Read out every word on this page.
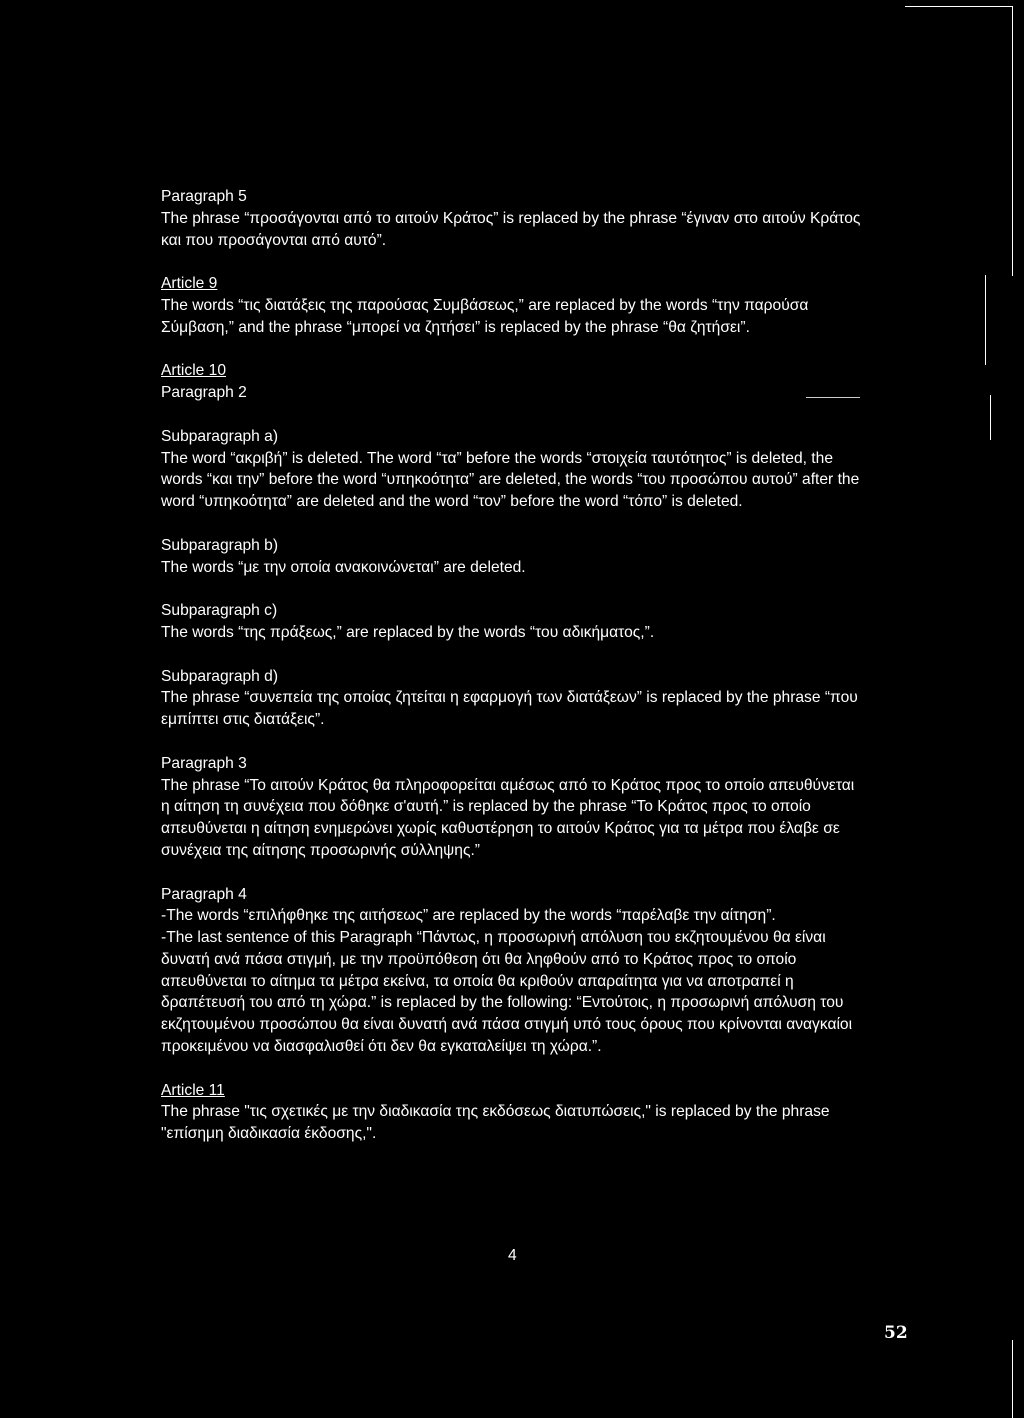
Paragraph 5

The phrase “προσάγονται από το αιτούν Κράτος” is replaced by the phrase “έγιναν στο αιτούν Κράτος και που προσάγονται από αυτό”.

Article 9

The words “τις διατάξεις της παρούσας Συμβάσεως,” are replaced by the words “την παρούσα Σύμβαση,” and the phrase “μπορεί να ζητήσει” is replaced by the phrase “θα ζητήσει”.

Article 10

Paragraph 2

Subparagraph a)

The word “ακριβή” is deleted. The word “τα” before the words “στοιχεία ταυτότητος” is deleted, the words “και την” before the word “υπηκοότητα” are deleted, the words “του προσώπου αυτού” after the word “υπηκοότητα” are deleted and the word “τον” before the word “τόπο” is deleted.

Subparagraph b)

The words “με την οποία ανακοινώνεται” are deleted.

Subparagraph c)

The words “της πράξεως,” are replaced by the words “του αδικήματος,”.

Subparagraph d)

The phrase “συνεπεία της οποίας ζητείται η εφαρμογή των διατάξεων” is replaced by the phrase “που εμπίπτει στις διατάξεις”.

Paragraph 3

The phrase “Το αιτούν Κράτος θα πληροφορείται αμέσως από το Κράτος προς το οποίο απευθύνεται η αίτηση τη συνέχεια που δόθηκε σ'αυτή.” is replaced by the phrase “Το Κράτος προς το οποίο απευθύνεται η αίτηση ενημερώνει χωρίς καθυστέρηση το αιτούν Κράτος για τα μέτρα που έλαβε σε συνέχεια της αίτησης προσωρινής σύλληψης.”

Paragraph 4

-The words “επιλήφθηκε της αιτήσεως” are replaced by the words “παρέλαβε την αίτηση”.

-The last sentence of this Paragraph “Πάντως, η προσωρινή απόλυση του εκζητουμένου θα είναι δυνατή ανά πάσα στιγμή, με την προϋπόθεση ότι θα ληφθούν από το Κράτος προς το οποίο απευθύνεται το αίτημα τα μέτρα εκείνα, τα οποία θα κριθούν απαραίτητα για να αποτραπεί η δραπέτευσή του από τη χώρα.” is replaced by the following: “Εντούτοις, η προσωρινή απόλυση του εκζητουμένου προσώπου θα είναι δυνατή ανά πάσα στιγμή υπό τους όρους που κρίνονται αναγκαίοι προκειμένου να διασφαλισθεί ότι δεν θα εγκαταλείψει τη χώρα.”.

Article 11

The phrase "τις σχετικές με την διαδικασία της εκδόσεως διατυπώσεις," is replaced by the phrase "επίσημη διαδικασία έκδοσης,".

4
52
